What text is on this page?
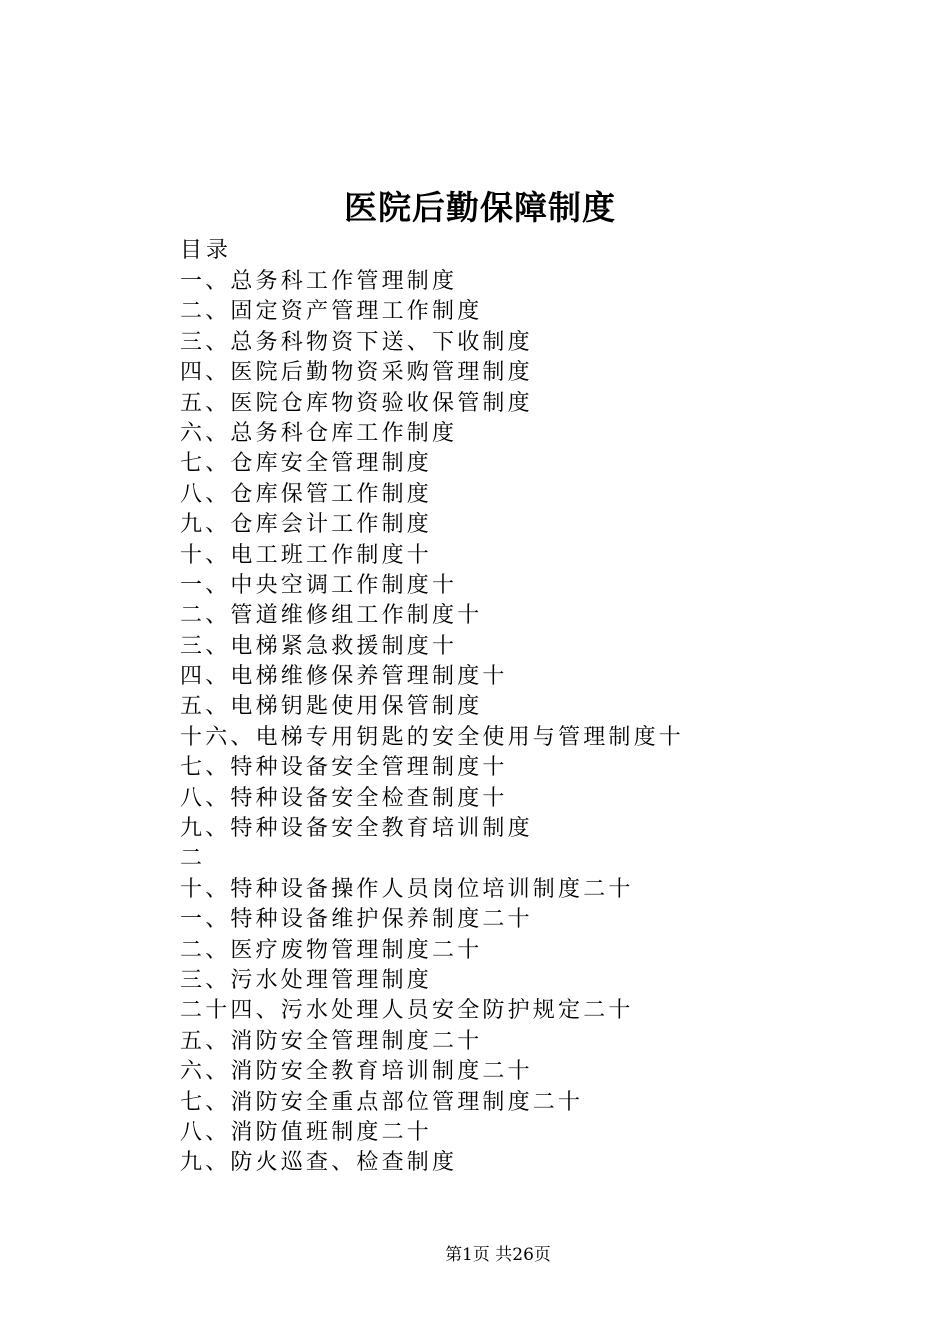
医院后勤保障制度
目录
一、总务科工作管理制度
二、固定资产管理工作制度
三、总务科物资下送、下收制度
四、医院后勤物资采购管理制度
五、医院仓库物资验收保管制度
六、总务科仓库工作制度
七、仓库安全管理制度
八、仓库保管工作制度
九、仓库会计工作制度
十、电工班工作制度十
一、中央空调工作制度十
二、管道维修组工作制度十
三、电梯紧急救援制度十
四、电梯维修保养管理制度十
五、电梯钥匙使用保管制度
十六、电梯专用钥匙的安全使用与管理制度十
七、特种设备安全管理制度十
八、特种设备安全检查制度十
九、特种设备安全教育培训制度
二
十、特种设备操作人员岗位培训制度二十
一、特种设备维护保养制度二十
二、医疗废物管理制度二十
三、污水处理管理制度
二十四、污水处理人员安全防护规定二十
五、消防安全管理制度二十
六、消防安全教育培训制度二十
七、消防安全重点部位管理制度二十
八、消防值班制度二十
九、防火巡查、检查制度
第1页 共26页
